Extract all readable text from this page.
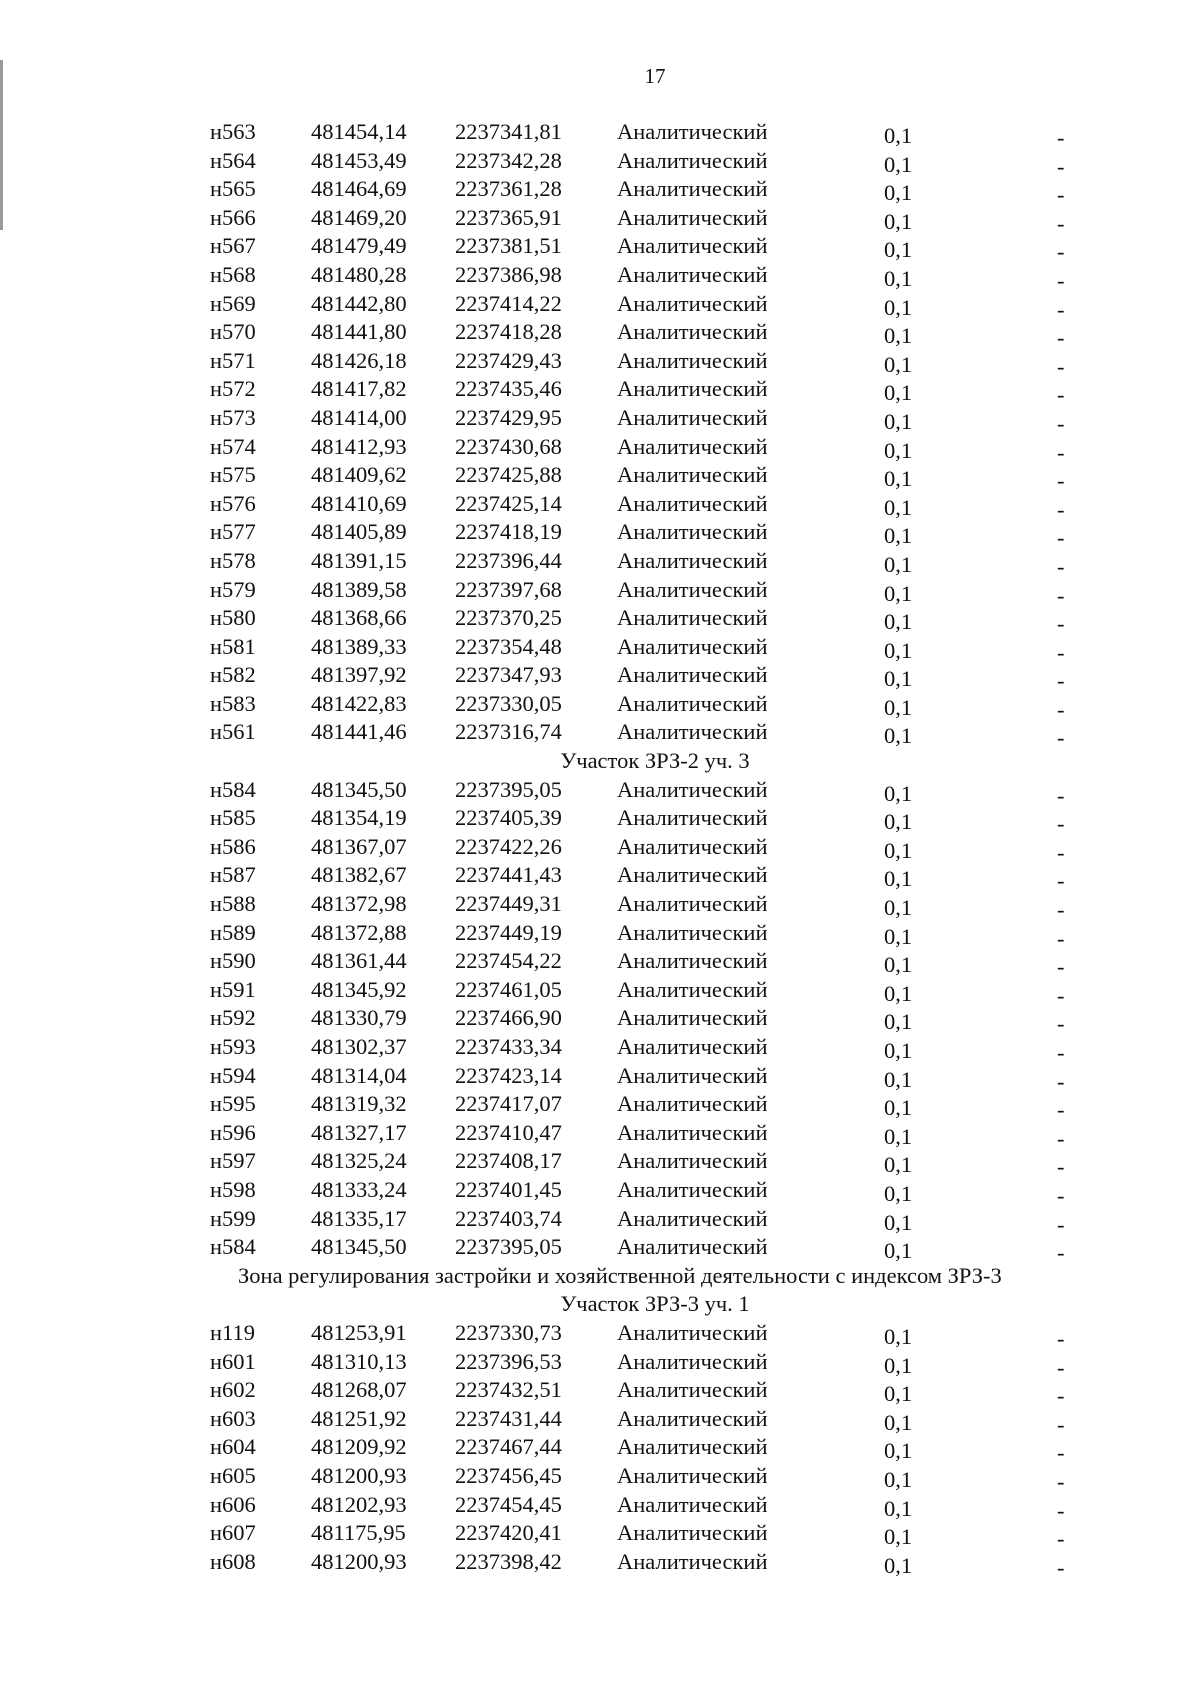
17
н563 481454,14 2237341,81 Аналитический	0,1	-
н564 481453,49 2237342,28 Аналитический	0,1	-
н565 481464,69 2237361,28 Аналитический	0,1	-
н566 481469,20 2237365,91 Аналитический	0,1	-
н567 481479,49 2237381,51 Аналитический	0,1	-
н568 481480,28 2237386,98 Аналитический	0,1	-
н569 481442,80 2237414,22 Аналитический	0,1	-
н570 481441,80 2237418,28 Аналитический	0,1	-
н571 481426,18 2237429,43 Аналитический	0,1	-
н572 481417,82 2237435,46 Аналитический	0,1	-
н573 481414,00 2237429,95 Аналитический	0,1	-
н574 481412,93 2237430,68 Аналитический	0,1	-
н575 481409,62 2237425,88 Аналитический	0,1	-
н576 481410,69 2237425,14 Аналитический	0,1	-
н577 481405,89 2237418,19 Аналитический	0,1	-
н578 481391,15 2237396,44 Аналитический	0,1	-
н579 481389,58 2237397,68 Аналитический	0,1	-
н580 481368,66 2237370,25 Аналитический	0,1	-
н581 481389,33 2237354,48 Аналитический	0,1	-
н582 481397,92 2237347,93 Аналитический	0,1	-
н583 481422,83 2237330,05 Аналитический	0,1	-
н561 481441,46 2237316,74 Аналитический	0,1	-
Участок ЗРЗ-2 уч. 3
н584 481345,50 2237395,05 Аналитический	0,1	-
н585 481354,19 2237405,39 Аналитический	0,1	-
н586 481367,07 2237422,26 Аналитический	0,1	-
н587 481382,67 2237441,43 Аналитический	0,1	-
н588 481372,98 2237449,31 Аналитический	0,1	-
н589 481372,88 2237449,19 Аналитический	0,1	-
н590 481361,44 2237454,22 Аналитический	0,1	-
н591 481345,92 2237461,05 Аналитический	0,1	-
н592 481330,79 2237466,90 Аналитический	0,1	-
н593 481302,37 2237433,34 Аналитический	0,1	-
н594 481314,04 2237423,14 Аналитический	0,1	-
н595 481319,32 2237417,07 Аналитический	0,1	-
н596 481327,17 2237410,47 Аналитический	0,1	-
н597 481325,24 2237408,17 Аналитический	0,1	-
н598 481333,24 2237401,45 Аналитический	0,1	-
н599 481335,17 2237403,74 Аналитический	0,1	-
н584 481345,50 2237395,05 Аналитический	0,1	-
Зона регулирования застройки и хозяйственной деятельности с индексом ЗРЗ-3
Участок ЗРЗ-3 уч. 1
н119 481253,91 2237330,73 Аналитический	0,1	-
н601 481310,13 2237396,53 Аналитический	0,1	-
н602 481268,07 2237432,51 Аналитический	0,1	-
н603 481251,92 2237431,44 Аналитический	0,1	-
н604 481209,92 2237467,44 Аналитический	0,1	-
н605 481200,93 2237456,45 Аналитический	0,1	-
н606 481202,93 2237454,45 Аналитический	0,1	-
н607 481175,95 2237420,41 Аналитический	0,1	-
н608 481200,93 2237398,42 Аналитический	0,1	-
